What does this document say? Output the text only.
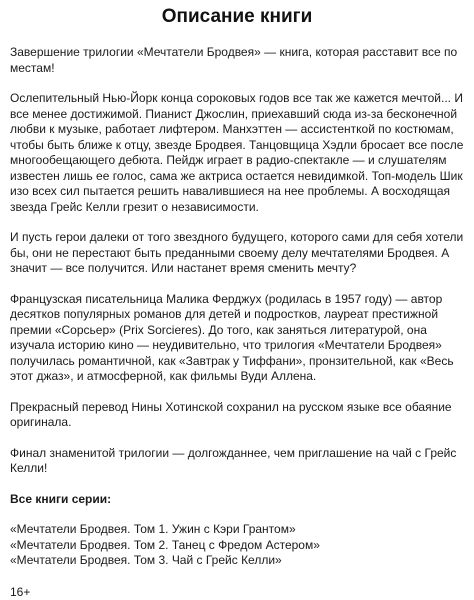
Описание книги

Завершение трилогии «Мечтатели Бродвея» — книга, которая расставит все по местам!

Ослепительный Нью-Йорк конца сороковых годов все так же кажется мечтой... И все менее достижимой. Пианист Джослин, приехавший сюда из-за бесконечной любви к музыке, работает лифтером. Манхэттен — ассистенткой по костюмам, чтобы быть ближе к отцу, звезде Бродвея. Танцовщица Хэдли бросает все после многообещающего дебюта. Пейдж играет в радио-спектакле — и слушателям известен лишь ее голос, сама же актриса остается невидимкой. Топ-модель Шик изо всех сил пытается решить навалившиеся на нее проблемы. А восходящая звезда Грейс Келли грезит о независимости.

И пусть герои далеки от того звездного будущего, которого сами для себя хотели бы, они не перестают быть преданными своему делу мечтателями Бродвея. А значит — все получится. Или настанет время сменить мечту?

Французская писательница Малика Ферджух (родилась в 1957 году) — автор десятков популярных романов для детей и подростков, лауреат престижной премии «Сорсьер» (Prix Sorcieres). До того, как заняться литературой, она изучала историю кино — неудивительно, что трилогия «Мечтатели Бродвея» получилась романтичной, как «Завтрак у Тиффани», пронзительной, как «Весь этот джаз», и атмосферной, как фильмы Вуди Аллена.

Прекрасный перевод Нины Хотинской сохранил на русском языке все обаяние оригинала.

Финал знаменитой трилогии — долгожданнее, чем приглашение на чай с Грейс Келли!

Все книги серии:

«Мечтатели Бродвея. Том 1. Ужин с Кэри Грантом»
«Мечтатели Бродвея. Том 2. Танец с Фредом Астером»
«Мечтатели Бродвея. Том 3. Чай с Грейс Келли»

16+
